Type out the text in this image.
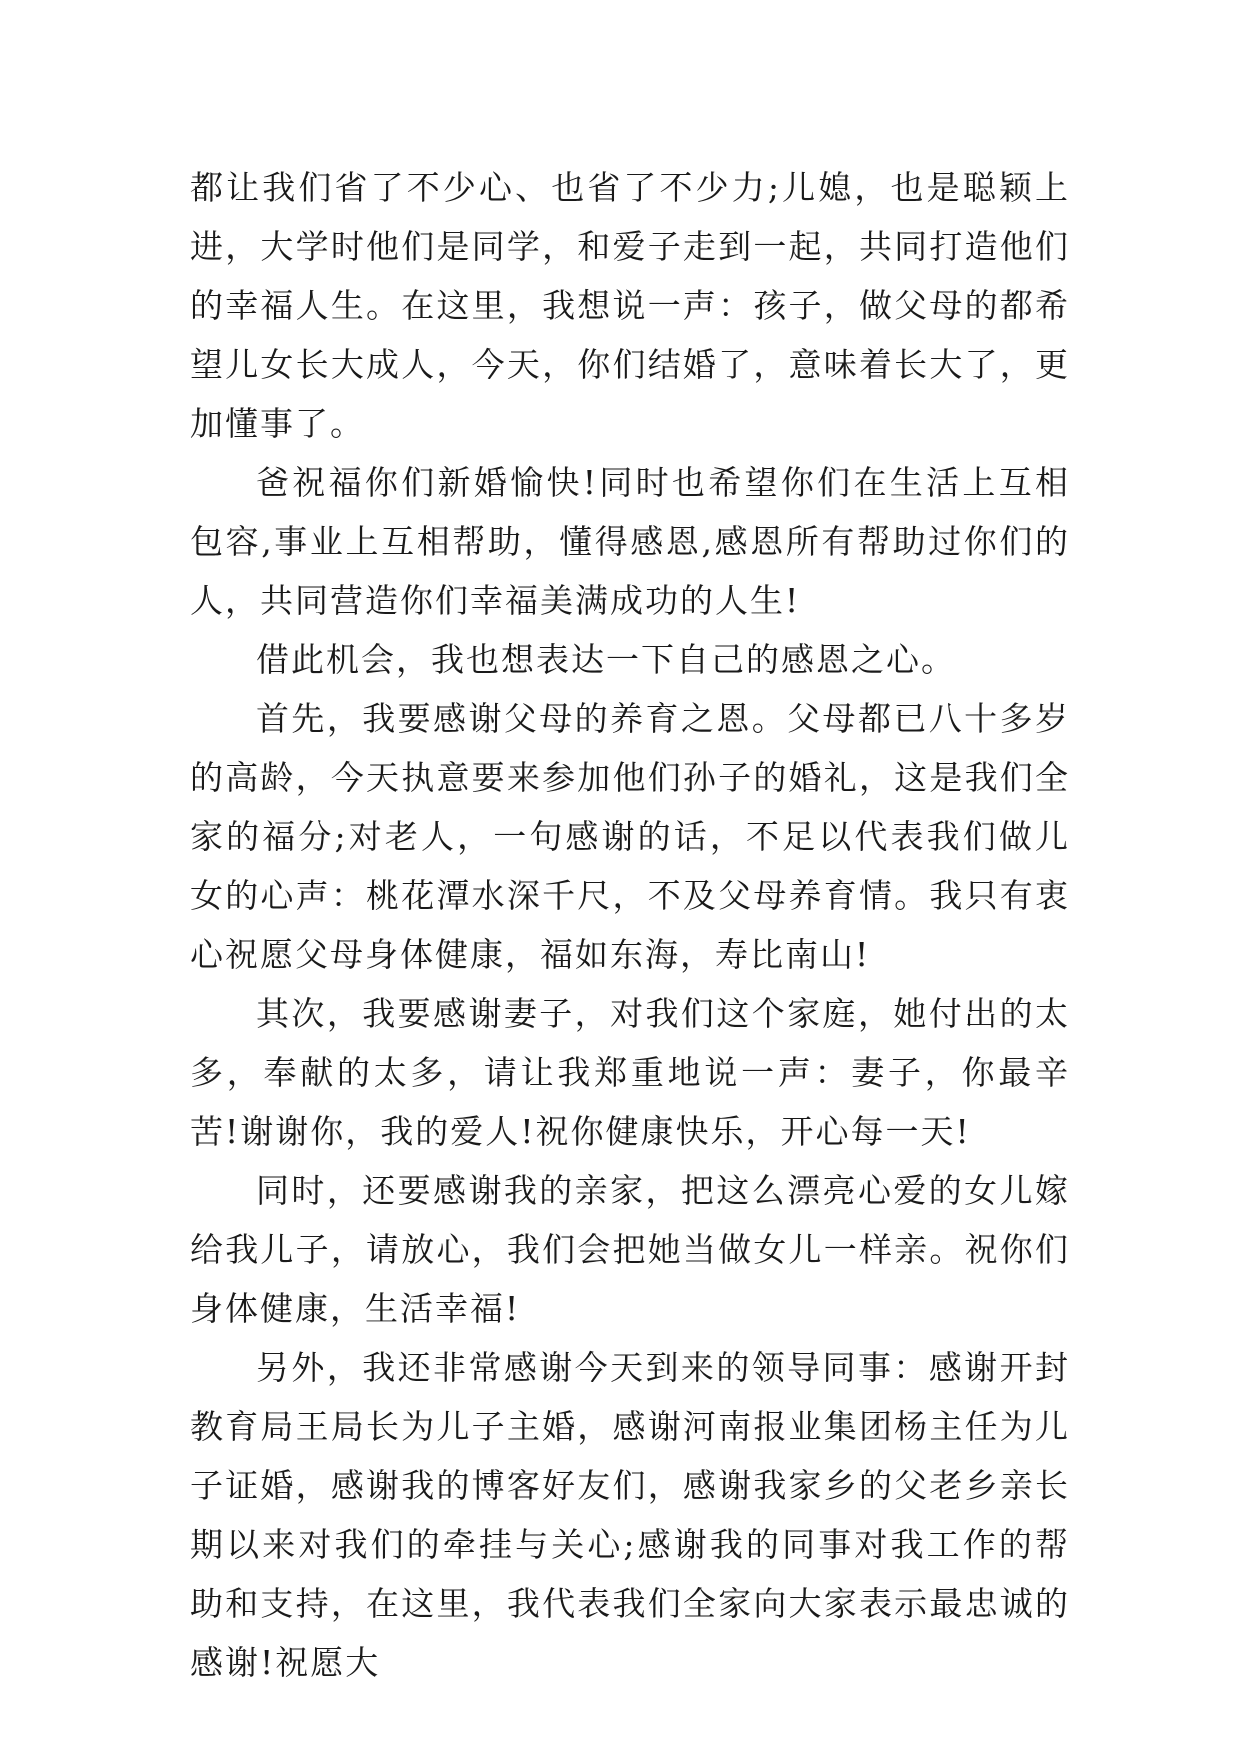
都让我们省了不少心、也省了不少力;儿媳，也是聪颖上进，大学时他们是同学，和爱子走到一起，共同打造他们的幸福人生。在这里，我想说一声：孩子，做父母的都希望儿女长大成人，今天，你们结婚了，意味着长大了，更加懂事了。

爸祝福你们新婚愉快!同时也希望你们在生活上互相包容,事业上互相帮助，懂得感恩,感恩所有帮助过你们的人，共同营造你们幸福美满成功的人生!

借此机会，我也想表达一下自己的感恩之心。

首先，我要感谢父母的养育之恩。父母都已八十多岁的高龄，今天执意要来参加他们孙子的婚礼，这是我们全家的福分;对老人，一句感谢的话，不足以代表我们做儿女的心声：桃花潭水深千尺，不及父母养育情。我只有衷心祝愿父母身体健康，福如东海，寿比南山!

其次，我要感谢妻子，对我们这个家庭，她付出的太多，奉献的太多，请让我郑重地说一声：妻子，你最辛苦!谢谢你，我的爱人!祝你健康快乐，开心每一天!

同时，还要感谢我的亲家，把这么漂亮心爱的女儿嫁给我儿子，请放心，我们会把她当做女儿一样亲。祝你们身体健康，生活幸福!

另外，我还非常感谢今天到来的领导同事：感谢开封教育局王局长为儿子主婚，感谢河南报业集团杨主任为儿子证婚，感谢我的博客好友们，感谢我家乡的父老乡亲长期以来对我们的牵挂与关心;感谢我的同事对我工作的帮助和支持，在这里，我代表我们全家向大家表示最忠诚的感谢!祝愿大
